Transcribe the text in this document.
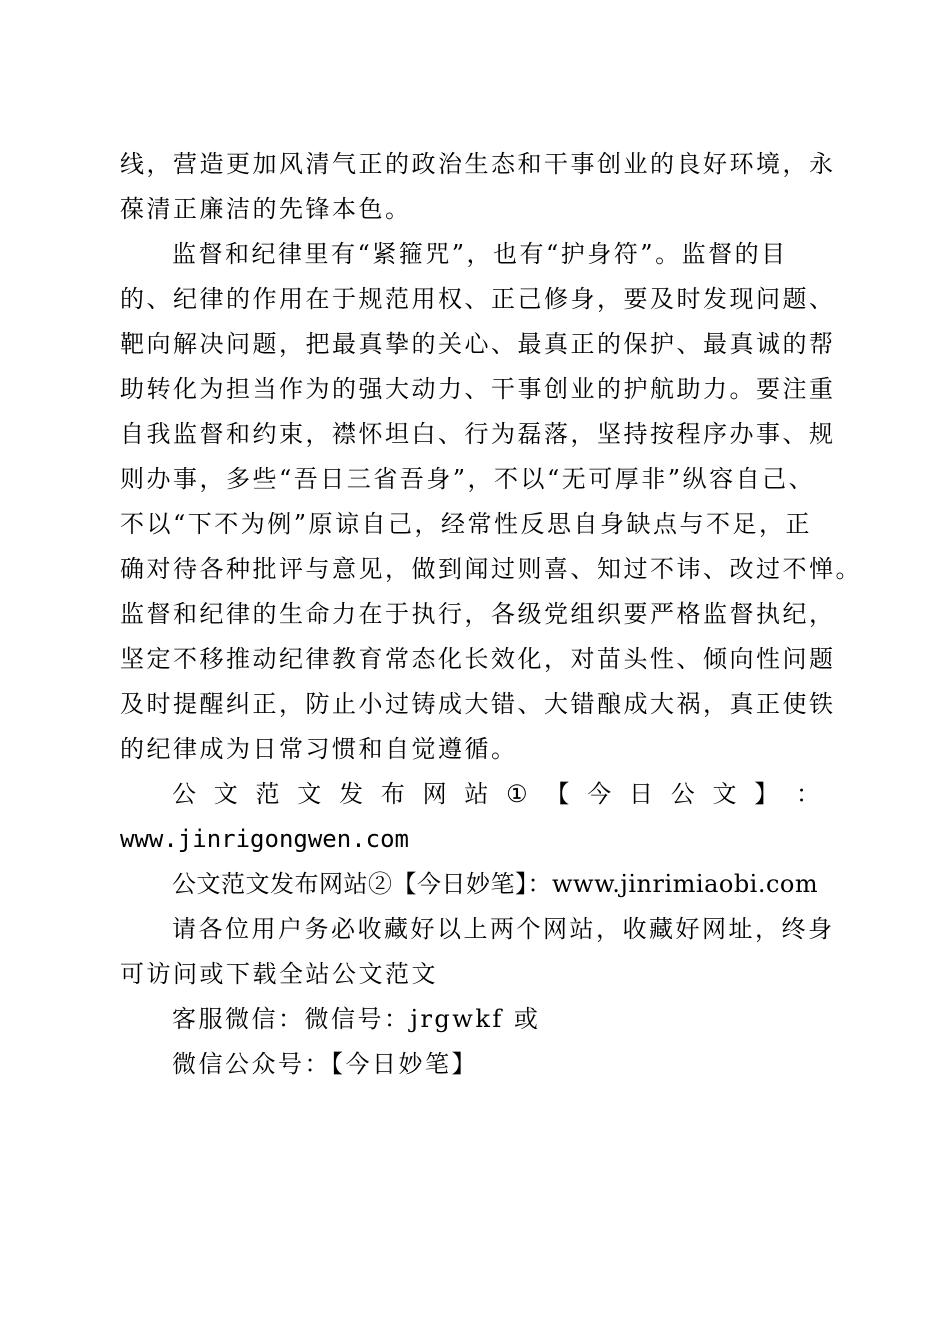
线，营造更加风清气正的政治生态和干事创业的良好环境，永
葆清正廉洁的先锋本色。
监督和纪律里有“紧箍咒”，也有“护身符”。监督的目
的、纪律的作用在于规范用权、正己修身，要及时发现问题、
靶向解决问题，把最真挚的关心、最真正的保护、最真诚的帮
助转化为担当作为的强大动力、干事创业的护航助力。要注重
自我监督和约束，襟怀坦白、行为磊落，坚持按程序办事、规
则办事，多些“吾日三省吾身”，不以“无可厚非”纵容自己、
不以“下不为例”原谅自己，经常性反思自身缺点与不足，正
确对待各种批评与意见，做到闻过则喜、知过不讳、改过不惮。
监督和纪律的生命力在于执行，各级党组织要严格监督执纪，
坚定不移推动纪律教育常态化长效化，对苗头性、倾向性问题
及时提醒纠正，防止小过铸成大错、大错酿成大祸，真正使铁
的纪律成为日常习惯和自觉遵循。
公 文 范 文 发 布 网 站 ① 【 今 日 公 文 】 ：
www.jinrigongwen.com
公文范文发布网站②【今日妙笔】：www.jinrimiaobi.com
请各位用户务必收藏好以上两个网站，收藏好网址，终身
可访问或下载全站公文范文
客服微信：微信号：jrgwkf 或
微信公众号：【今日妙笔】
